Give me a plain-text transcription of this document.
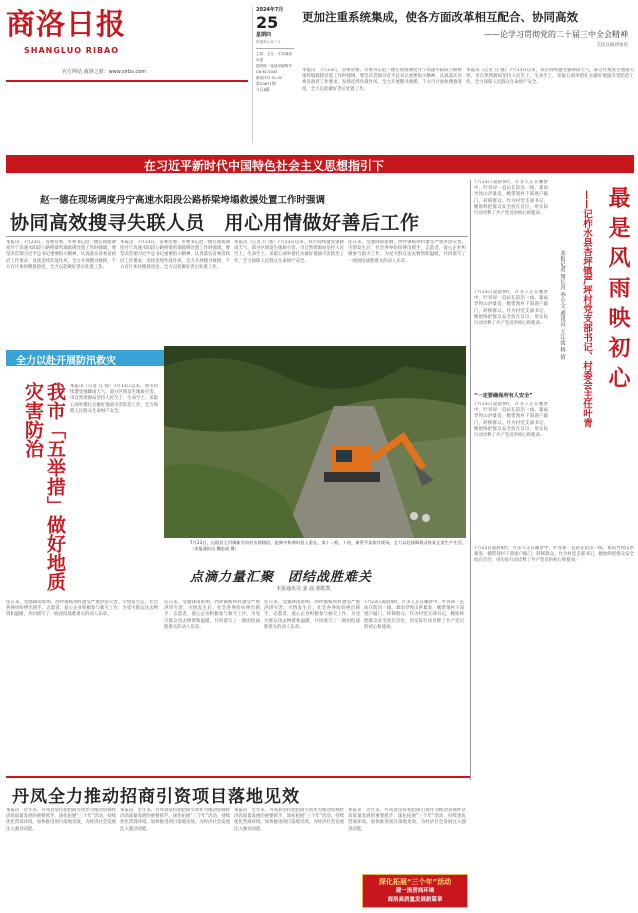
商洛日报
SHANGLUO RIBAO
官方网站 商洛之窗：www.slrbs.com
2024年7月
25
星期四
甲辰年六月二十
主管：主办：中共商洛市委
国内统一连续出版物号
CN 61-0045
邮发代号 51-32
第10671期
今日8版
更加注重系统集成，使各方面改革相互配合、协同高效
——论学习贯彻党的二十届三中全会精神
人民日报评论员
本报讯　7月23日，省委常委、市委书记赵一德在现场调度丹宁高速水阳段公路桥梁垮塌救援处置工作时强调，要坚决贯彻习近平总书记重要指示精神，认真落实省委省政府工作要求，发扬连续作战作风，全力开展搜寻救援，千方百计加快搜救进度，全力以赴做好善后处置工作。
本报讯（记者 汪 强）7月13日以来，我市持续遭受强降雨天气，部分区域发生地质灾害。市自然资源局坚持人民至上、生命至上，采取五项举措扎实做好地质灾害防治工作，全力保障人民群众生命财产安全。
在习近平新时代中国特色社会主义思想指引下
赵一德在现场调度丹宁高速水阳段公路桥梁垮塌救援处置工作时强调
协同高效搜寻失联人员　用心用情做好善后工作
本报讯　7月23日，省委常委、市委书记赵一德在现场调度丹宁高速水阳段公路桥梁垮塌救援处置工作时强调，要坚决贯彻习近平总书记重要指示精神，认真落实省委省政府工作要求，发扬连续作战作风，全力开展搜寻救援，千方百计加快搜救进度，全力以赴做好善后处置工作。
本报讯　7月23日，省委常委、市委书记赵一德在现场调度丹宁高速水阳段公路桥梁垮塌救援处置工作时强调，要坚决贯彻习近平总书记重要指示精神，认真落实省委省政府工作要求，发扬连续作战作风，全力开展搜寻救援，千方百计加快搜救进度，全力以赴做好善后处置工作。
本报讯（记者 汪 强）7月13日以来，我市持续遭受强降雨天气，部分区域发生地质灾害。市自然资源局坚持人民至上、生命至上，采取五项举措扎实做好地质灾害防治工作，全力保障人民群众生命财产安全。
连日来，受强降雨影响，西坪镇杨坝村遭受严重洪涝灾害。灾情发生后，社会各界纷纷伸出援手，志愿者、爱心企业积极参与救灾工作，为受灾群众送去物资和温暖，共同谱写了一曲团结战胜难关的动人乐章。
全力以赴开展防汛救灾
我市「五举措」做好地质灾害防治	本报讯（记者 汪 强）7月13日以来，我市持续遭受强降雨天气，部分区域发生地质灾害。市自然资源局坚持人民至上、生命至上，采取五项举措扎实做好地质灾害防治工作，全力保障人民群众生命财产安全。
连日来，受强降雨影响，西坪镇杨坝村遭受严重洪涝灾害。灾情发生后，社会各界纷纷伸出援手，志愿者、爱心企业积极参与救灾工作，为受灾群众送去物资和温暖，共同谱写了一曲团结战胜难关的动人乐章。
7月23日，山阳县王闫镇新寺沟村水毁路段，抢修中和谐时投入重长，第十二机，十机，新管乎某街作现场，全力以赴保障群众恢复正常生产生活。（本报通讯员 魏忠斌 摄）
点滴力量汇聚　团结战胜难关
本报通讯员 姜 晨 郭乾凯
连日来，受强降雨影响，西坪镇杨坝村遭受严重洪涝灾害。灾情发生后，社会各界纷纷伸出援手，志愿者、爱心企业积极参与救灾工作，为受灾群众送去物资和温暖，共同谱写了一曲团结战胜难关的动人乐章。
连日来，受强降雨影响，西坪镇杨坝村遭受严重洪涝灾害。灾情发生后，社会各界纷纷伸出援手，志愿者、爱心企业积极参与救灾工作，为受灾群众送去物资和温暖，共同谱写了一曲团结战胜难关的动人乐章。
7月23日凌晨4时，许多人正在睡梦中，叶青却一直站在防汛一线。暴雨导致山洪暴发，她带领村干部逐户敲门，转移群众。作为村党支部书记，她始终把群众安全放在首位，用实际行动诠释了共产党员的初心和使命。
7月23日凌晨4时，许多人正在睡梦中，叶青却一直站在防汛一线。暴雨导致山洪暴发，她带领村干部逐户敲门，转移群众。作为村党支部书记，她始终把群众安全放在首位，用实际行动诠释了共产党员的初心和使命。	最是风雨映初心
——记柞水县杏坪镇严坪村党支部书记、村委会主任叶青
本报记者 周长青 李小文 通讯员 王江波 杨 倩
7月23日凌晨4时，许多人正在睡梦中，叶青却一直站在防汛一线。暴雨导致山洪暴发，她带领村干部逐户敲门，转移群众。作为村党支部书记，她始终把群众安全放在首位，用实际行动诠释了共产党员的初心和使命。
“一定要确保所有人安全”
7月23日凌晨4时，许多人正在睡梦中，叶青却一直站在防汛一线。暴雨导致山洪暴发，她带领村干部逐户敲门，转移群众。作为村党支部书记，她始终把群众安全放在首位，用实际行动诠释了共产党员的初心和使命。
7月23日凌晨4时，许多人正在睡梦中，叶青却一直站在防汛一线。暴雨导致山洪暴发，她带领村干部逐户敲门，转移群众。作为村党支部书记，她始终把群众安全放在首位，用实际行动诠释了共产党员的初心和使命。
丹凤全力推动招商引资项目落地见效
本报讯　近年来，丹凤县坚持把招商引资作为推动县域经济高质量发展的重要抓手，深化拓展“三个年”活动，持续优化营商环境，加快推进项目落地见效，为经济社会发展注入强劲动能。
本报讯　近年来，丹凤县坚持把招商引资作为推动县域经济高质量发展的重要抓手，深化拓展“三个年”活动，持续优化营商环境，加快推进项目落地见效，为经济社会发展注入强劲动能。
本报讯　近年来，丹凤县坚持把招商引资作为推动县域经济高质量发展的重要抓手，深化拓展“三个年”活动，持续优化营商环境，加快推进项目落地见效，为经济社会发展注入强劲动能。
本报讯　近年来，丹凤县坚持把招商引资作为推动县域经济高质量发展的重要抓手，深化拓展“三个年”活动，持续优化营商环境，加快推进项目落地见效，为经济社会发展注入强劲动能。
深化拓展“三个年”活动
建一流营商环境
商洛高质量发展新篇章
